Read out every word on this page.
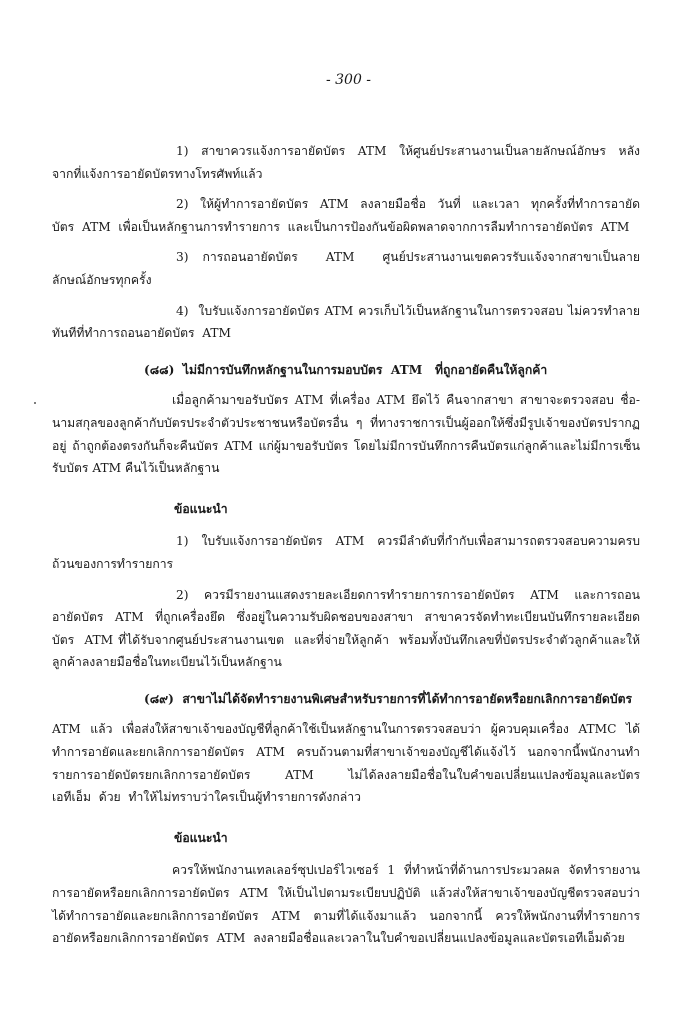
- 300 -

1)  สาขาควรแจ้งการอายัดบัตร  ATM  ให้ศูนย์ประสานงานเป็นลายลักษณ์อักษร  หลังจากที่แจ้งการอายัดบัตรทางโทรศัพท์แล้ว

2)  ให้ผู้ทำการอายัดบัตร  ATM  ลงลายมือชื่อ  วันที่  และเวลา  ทุกครั้งที่ทำการอายัดบัตร  ATM  เพื่อเป็นหลักฐานการทำรายการ  และเป็นการป้องกันข้อผิดพลาดจากการลืมทำการอายัดบัตร  ATM

3)  การถอนอายัดบัตร    ATM    ศูนย์ประสานงานเขตควรรับแจ้งจากสาขาเป็นลายลักษณ์อักษรทุกครั้ง

4)  ใบรับแจ้งการอายัดบัตร ATM ควรเก็บไว้เป็นหลักฐานในการตรวจสอบ ไม่ควรทำลายทันทีที่ทำการถอนอายัดบัตร  ATM

(๘๘)  ไม่มีการบันทึกหลักฐานในการมอบบัตร  ATM   ที่ถูกอายัดคืนให้ลูกค้า

เมื่อลูกค้ามาขอรับบัตร ATM ที่เครื่อง ATM ยึดไว้ คืนจากสาขา สาขาจะตรวจสอบ ชื่อ-นามสกุลของลูกค้ากับบัตรประจำตัวประชาชนหรือบัตรอื่น ๆ ที่ทางราชการเป็นผู้ออกให้ซึ่งมีรูปเจ้าของบัตรปรากฏอยู่ ถ้าถูกต้องตรงกันก็จะคืนบัตร ATM แก่ผู้มาขอรับบัตร โดยไม่มีการบันทึกการคืนบัตรแก่ลูกค้าและไม่มีการเซ็นรับบัตร ATM คืนไว้เป็นหลักฐาน

ข้อแนะนำ

1)  ใบรับแจ้งการอายัดบัตร  ATM  ควรมีลำดับที่กำกับเพื่อสามารถตรวจสอบความครบถ้วนของการทำรายการ

2)  ควรมีรายงานแสดงรายละเอียดการทำรายการการอายัดบัตร  ATM  และการถอนอายัดบัตร  ATM  ที่ถูกเครื่องยึด  ซึ่งอยู่ในความรับผิดชอบของสาขา  สาขาควรจัดทำทะเบียนบันทึกรายละเอียดบัตร  ATM ที่ได้รับจากศูนย์ประสานงานเขต  และที่จ่ายให้ลูกค้า  พร้อมทั้งบันทึกเลขที่บัตรประจำตัวลูกค้าและให้ลูกค้าลงลายมือชื่อในทะเบียนไว้เป็นหลักฐาน

(๘๙)  สาขาไม่ได้จัดทำรายงานพิเศษสำหรับรายการที่ได้ทำการอายัดหรือยกเลิกการอายัดบัตร

ATM  แล้ว  เพื่อส่งให้สาขาเจ้าของบัญชีที่ลูกค้าใช้เป็นหลักฐานในการตรวจสอบว่า  ผู้ควบคุมเครื่อง  ATMC  ได้ทำการอายัดและยกเลิกการอายัดบัตร   ATM   ครบถ้วนตามที่สาขาเจ้าของบัญชีได้แจ้งไว้   นอกจากนี้พนักงานทำรายการอายัดบัตรยกเลิกการอายัดบัตร  ATM  ไม่ได้ลงลายมือชื่อในใบคำขอเปลี่ยนแปลงข้อมูลและบัตรเอทีเอ็ม  ด้วย  ทำให้ไม่ทราบว่าใครเป็นผู้ทำรายการดังกล่าว

ข้อแนะนำ

ควรให้พนักงานเทลเลอร์ซุปเปอร์ไวเซอร์  1  ที่ทำหน้าที่ด้านการประมวลผล  จัดทำรายงานการอายัดหรือยกเลิกการอายัดบัตร  ATM  ให้เป็นไปตามระเบียบปฏิบัติ  แล้วส่งให้สาขาเจ้าของบัญชีตรวจสอบว่าได้ทำการอายัดและยกเลิกการอายัดบัตร  ATM  ตามที่ได้แจ้งมาแล้ว  นอกจากนี้  ควรให้พนักงานที่ทำรายการอายัดหรือยกเลิกการอายัดบัตร  ATM  ลงลายมือชื่อและเวลาในใบคำขอเปลี่ยนแปลงข้อมูลและบัตรเอทีเอ็มด้วย
